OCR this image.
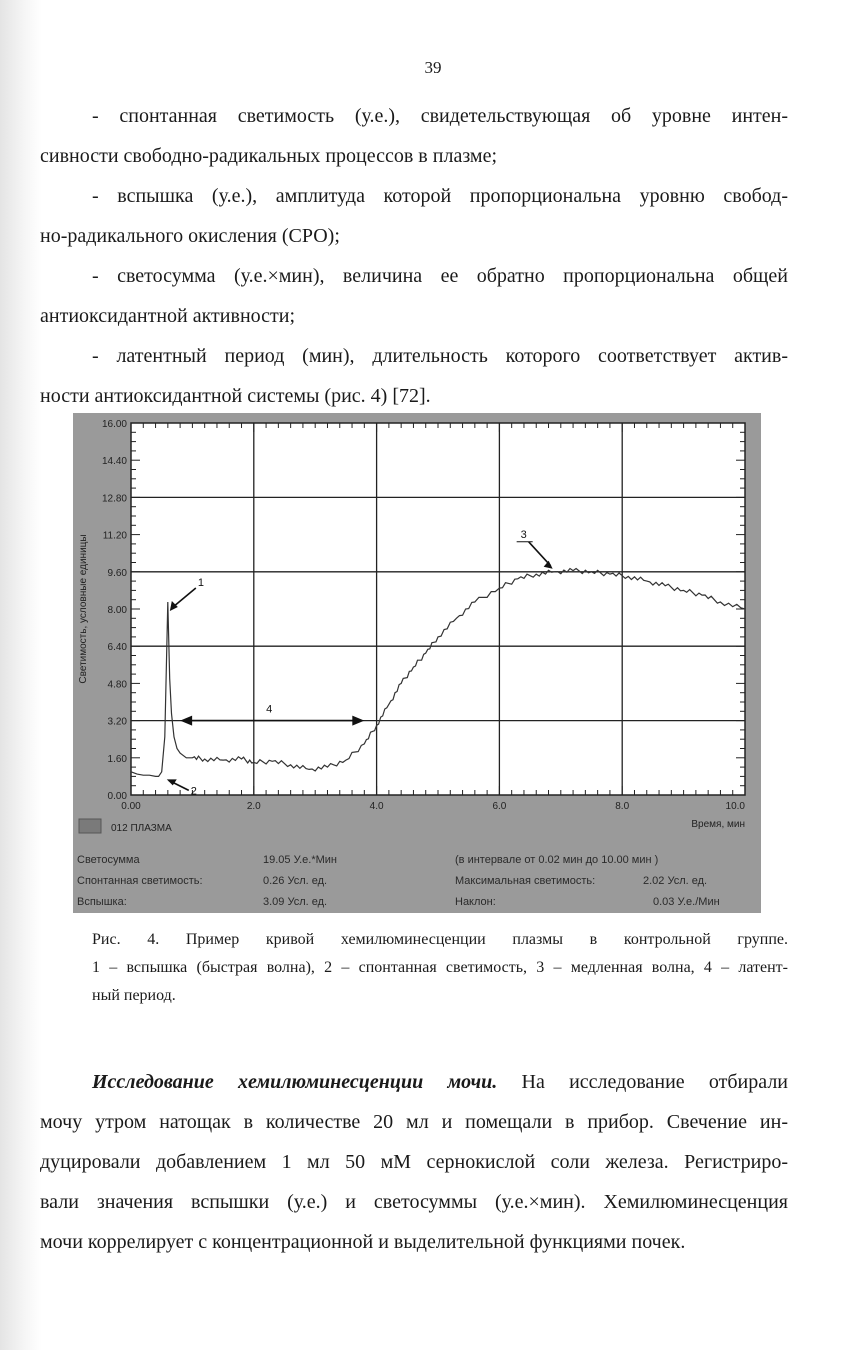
39
- спонтанная светимость (у.е.), свидетельствующая об уровне интен-
сивности свободно-радикальных процессов в плазме;
- вспышка (у.е.), амплитуда которой пропорциональна уровню свобод-
но-радикального окисления (СРО);
- светосумма (у.е.×мин), величина ее обратно пропорциональна общей
антиоксидантной активности;
- латентный период (мин), длительность которого соответствует актив-
ности антиоксидантной системы (рис. 4) [72].
0.00
1.60
3.20
4.80
6.40
8.00
9.60
11.20
12.80
14.40
16.00
0.00	2.0	4.0	6.0	8.0	10.0
1
2
3
4
Светимость, условные единицы
Время, мин
012 ПЛАЗМА
Светосумма	19.05 У.е.*Мин	(в интервале от 0.02 мин до 10.00 мин )
Спонтанная светимость:	0.26 Усл. ед.	Максимальная светимость:	2.02 Усл. ед.
Вспышка:	3.09 Усл. ед.	Наклон:	0.03 У.е./Мин
Рис. 4. Пример кривой хемилюминесценции плазмы в контрольной группе.
1 – вспышка (быстрая волна), 2 – спонтанная светимость, 3 – медленная волна, 4 – латент-
ный период.
Исследование хемилюминесценции мочи. На исследование отбирали
мочу утром натощак в количестве 20 мл и помещали в прибор. Свечение ин-
дуцировали добавлением 1 мл 50 мМ сернокислой соли железа. Регистриро-
вали значения вспышки (у.е.) и светосуммы (у.е.×мин). Хемилюминесценция
мочи коррелирует с концентрационной и выделительной функциями почек.
